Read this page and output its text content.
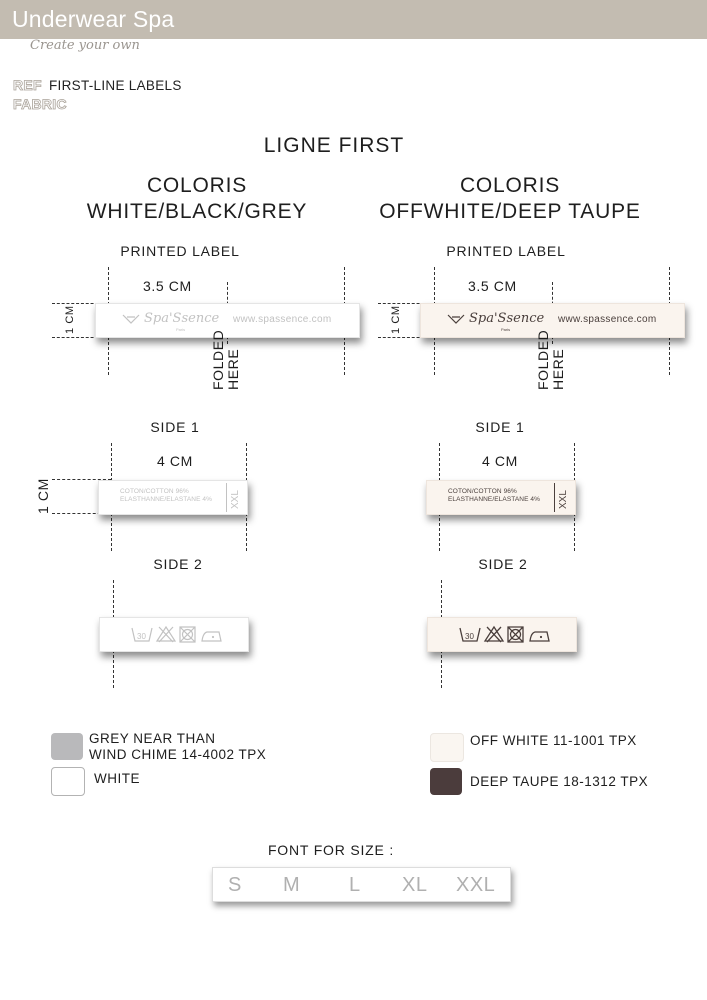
Underwear Spa
Create your own
REF FIRST-LINE LABELS
FABRIC
LIGNE FIRST
COLORIS
WHITE/BLACK/GREY
PRINTED LABEL
3.5 CM
1 CM	Spa'Ssence
Paris
www.spassence.com
FOLDED HERE
SIDE 1
4 CM
1 CM	COTON/COTTON 96%
ELASTHANNE/ELASTANE 4% XXL
SIDE 2
30
COLORIS
OFFWHITE/DEEP TAUPE
PRINTED LABEL
3.5 CM
1 CM	Spa'Ssence
Paris
www.spassence.com
FOLDED HERE
SIDE 1
4 CM
COTON/COTTON 96%
ELASTHANNE/ELASTANE 4% XXL
SIDE 2
30
GREY NEAR THAN
WIND CHIME 14-4002 TPX
WHITE
OFF WHITE 11-1001 TPX
DEEP TAUPE 18-1312 TPX
FONT FOR SIZE :
S M L XL XXL
